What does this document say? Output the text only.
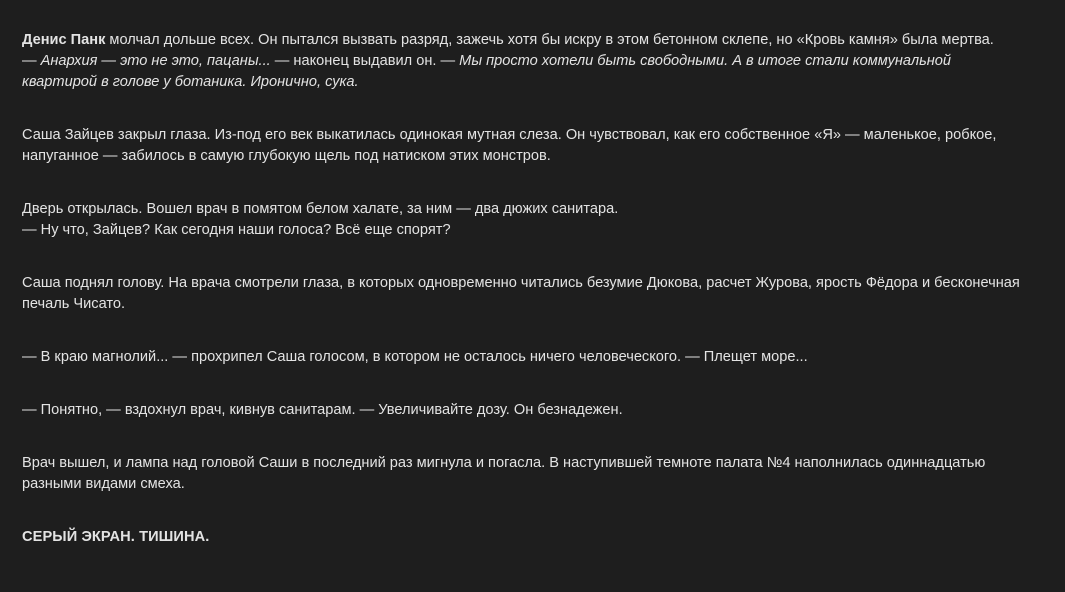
Денис Панк молчал дольше всех. Он пытался вызвать разряд, зажечь хотя бы искру в этом бетонном склепе, но «Кровь камня» была мертва.
— Анархия — это не это, пацаны... — наконец выдавил он. — Мы просто хотели быть свободными. А в итоге стали коммунальной квартирой в голове у ботаника. Иронично, сука.

Саша Зайцев закрыл глаза. Из-под его век выкатилась одинокая мутная слеза. Он чувствовал, как его собственное «Я» — маленькое, робкое, напуганное — забилось в самую глубокую щель под натиском этих монстров.

Дверь открылась. Вошел врач в помятом белом халате, за ним — два дюжих санитара.
— Ну что, Зайцев? Как сегодня наши голоса? Всё еще спорят?

Саша поднял голову. На врача смотрели глаза, в которых одновременно читались безумие Дюкова, расчет Журова, ярость Фёдора и бесконечная печаль Чисато.

— В краю магнолий... — прохрипел Саша голосом, в котором не осталось ничего человеческого. — Плещет море...

— Понятно, — вздохнул врач, кивнув санитарам. — Увеличивайте дозу. Он безнадежен.

Врач вышел, и лампа над головой Саши в последний раз мигнула и погасла. В наступившей темноте палата №4 наполнилась одиннадцатью разными видами смеха.

СЕРЫЙ ЭКРАН. ТИШИНА.
